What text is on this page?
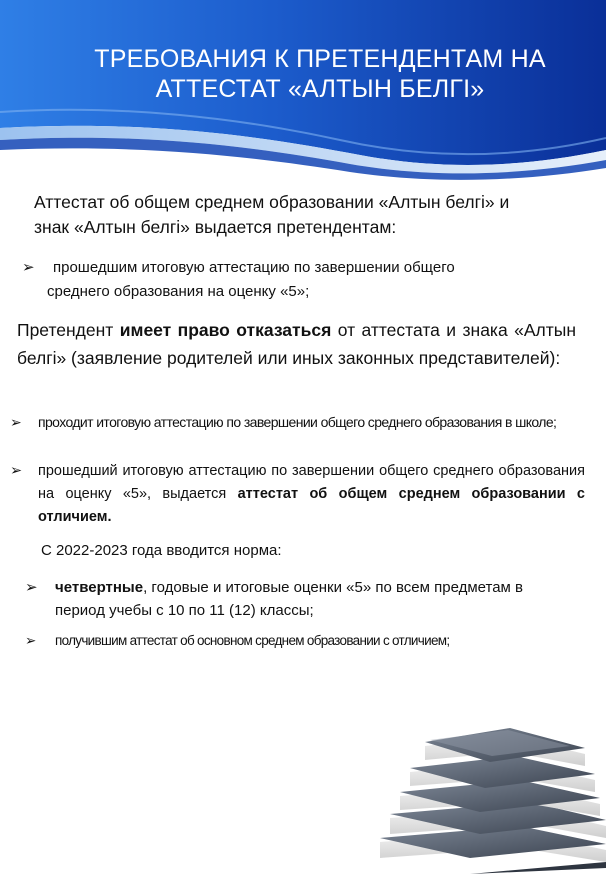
ТРЕБОВАНИЯ К ПРЕТЕНДЕНТАМ НА
АТТЕСТАТ «АЛТЫН БЕЛГІ»
Аттестат об общем среднем образовании «Алтын белгі» и
знак «Алтын белгі» выдается претендентам:
➢	прошедшим итоговую аттестацию по завершении общего
среднего образования на оценку «5»;
Претендент имеет право отказаться от аттестата и знака «Алтын белгі» (заявление родителей или иных законных представителей):
➢	проходит итоговую аттестацию по завершении общего среднего образования в школе;
➢	прошедший итоговую аттестацию по завершении общего среднего образования на оценку «5», выдается аттестат об общем среднем образовании с отличием.
С 2022-2023 года вводится норма:
➢	четвертные, годовые и итоговые оценки «5» по всем предметам в период учебы с 10 по 11 (12) классы;
➢	получившим аттестат об основном среднем образовании с отличием;
